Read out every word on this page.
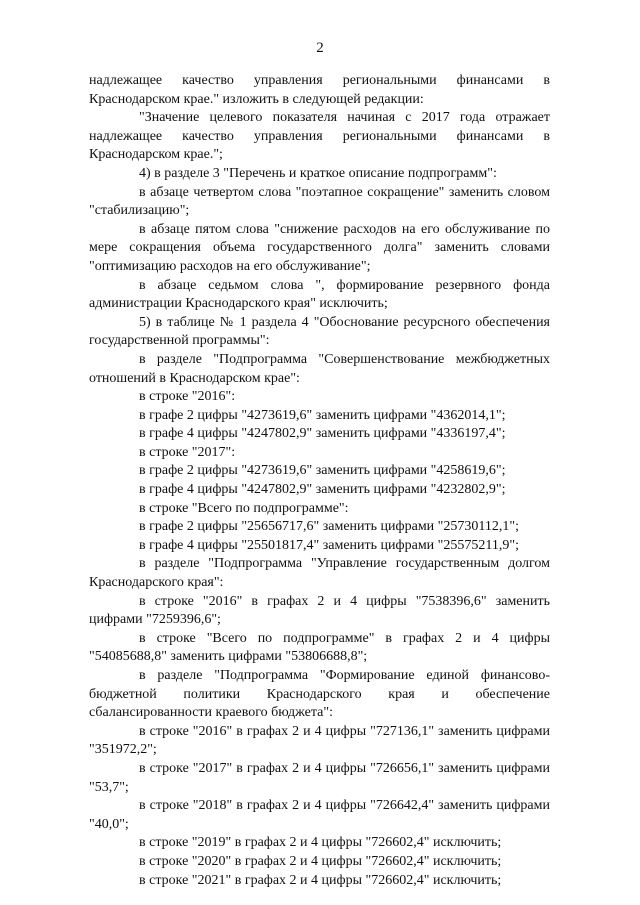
2

надлежащее качество управления региональными финансами в Краснодарском крае." изложить в следующей редакции:

"Значение целевого показателя начиная с 2017 года отражает надлежащее качество управления региональными финансами в Краснодарском крае.";

4) в разделе 3 "Перечень и краткое описание подпрограмм":

в абзаце четвертом слова "поэтапное сокращение" заменить словом "стабилизацию";

в абзаце пятом слова "снижение расходов на его обслуживание по мере сокращения объема государственного долга" заменить словами "оптимизацию расходов на его обслуживание";

в абзаце седьмом слова ", формирование резервного фонда администрации Краснодарского края" исключить;

5) в таблице № 1 раздела 4 "Обоснование ресурсного обеспечения государственной программы":

в разделе "Подпрограмма "Совершенствование межбюджетных отношений в Краснодарском крае":

в строке "2016":

в графе 2 цифры "4273619,6" заменить цифрами "4362014,1";

в графе 4 цифры "4247802,9" заменить цифрами "4336197,4";

в строке "2017":

в графе 2 цифры "4273619,6" заменить цифрами "4258619,6";

в графе 4 цифры "4247802,9" заменить цифрами "4232802,9";

в строке "Всего по подпрограмме":

в графе 2 цифры "25656717,6" заменить цифрами "25730112,1";

в графе 4 цифры "25501817,4" заменить цифрами "25575211,9";

в разделе "Подпрограмма "Управление государственным долгом Краснодарского края":

в строке "2016" в графах 2 и 4 цифры "7538396,6" заменить цифрами "7259396,6";

в строке "Всего по подпрограмме" в графах 2 и 4 цифры "54085688,8" заменить цифрами "53806688,8";

в разделе "Подпрограмма "Формирование единой финансово-бюджетной политики Краснодарского края и обеспечение сбалансированности краевого бюджета":

в строке "2016" в графах 2 и 4 цифры "727136,1" заменить цифрами "351972,2";

в строке "2017" в графах 2 и 4 цифры "726656,1" заменить цифрами "53,7";

в строке "2018" в графах 2 и 4 цифры "726642,4" заменить цифрами "40,0";

в строке "2019" в графах 2 и 4 цифры "726602,4" исключить;

в строке "2020" в графах 2 и 4 цифры "726602,4" исключить;

в строке "2021" в графах 2 и 4 цифры "726602,4" исключить;
